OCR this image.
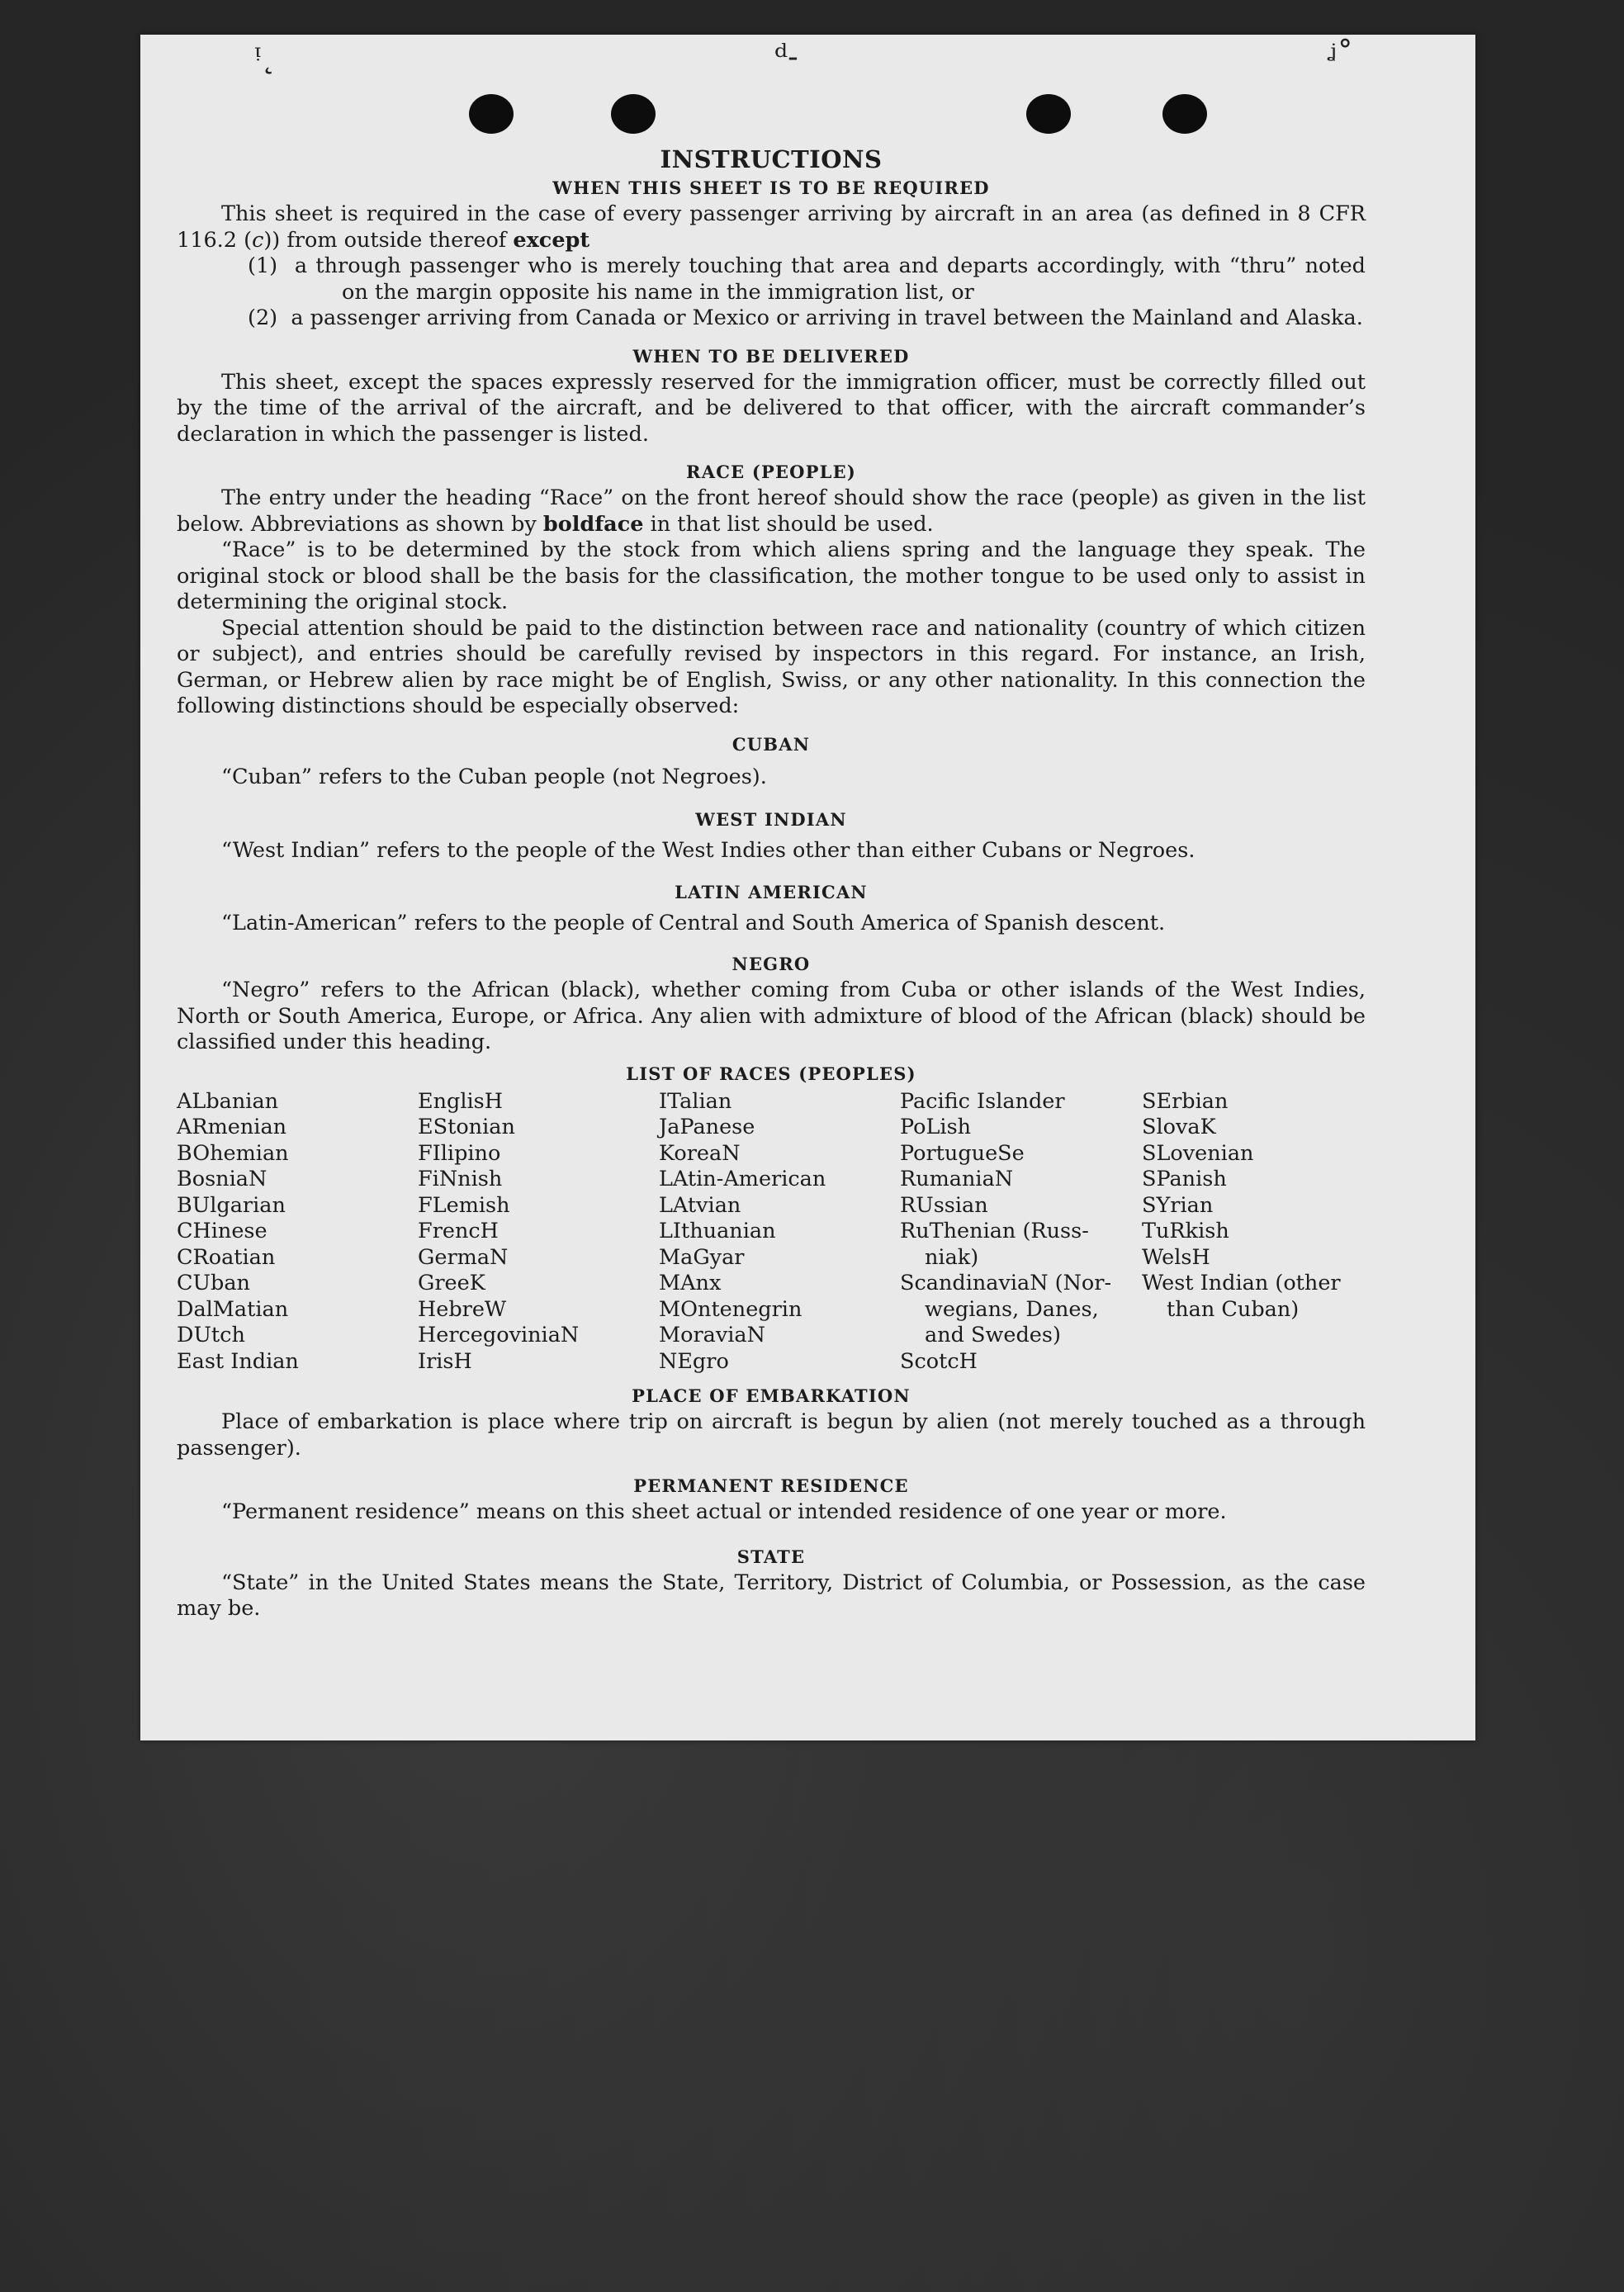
ᵎ˛	ᵈ˗	ᶨ˚
INSTRUCTIONS
WHEN THIS SHEET IS TO BE REQUIRED

This sheet is required in the case of every passenger arriving by aircraft in an area (as defined in 8 CFR 116.2 (c)) from outside thereof except

(1) a through passenger who is merely touching that area and departs accordingly, with “thru” noted on the margin opposite his name in the immigration list, or

(2) a passenger arriving from Canada or Mexico or arriving in travel between the Mainland and Alaska.

WHEN TO BE DELIVERED

This sheet, except the spaces expressly reserved for the immigration officer, must be correctly filled out by the time of the arrival of the aircraft, and be delivered to that officer, with the aircraft commander’s declaration in which the passenger is listed.

RACE (PEOPLE)

The entry under the heading “Race” on the front hereof should show the race (people) as given in the list below. Abbreviations as shown by boldface in that list should be used.

“Race” is to be determined by the stock from which aliens spring and the language they speak. The original stock or blood shall be the basis for the classification, the mother tongue to be used only to assist in determining the original stock.

Special attention should be paid to the distinction between race and nationality (country of which citizen or subject), and entries should be carefully revised by inspectors in this regard. For instance, an Irish, German, or Hebrew alien by race might be of English, Swiss, or any other nationality. In this connection the following distinctions should be especially observed:

CUBAN

“Cuban” refers to the Cuban people (not Negroes).

WEST INDIAN

“West Indian” refers to the people of the West Indies other than either Cubans or Negroes.

LATIN AMERICAN

“Latin-American” refers to the people of Central and South America of Spanish descent.

NEGRO

“Negro” refers to the African (black), whether coming from Cuba or other islands of the West Indies, North or South America, Europe, or Africa. Any alien with admixture of blood of the African (black) should be classified under this heading.

LIST OF RACES (PEOPLES)
ALbanian
ARmenian
BOhemian
BosniaN
BUlgarian
CHinese
CRoatian
CUban
DalMatian
DUtch
East Indian
EnglisH
EStonian
FIlipino
FiNnish
FLemish
FrencH
GermaN
GreeK
HebreW
HercegoviniaN
IrisH
ITalian
JaPanese
KoreaN
LAtin-American
LAtvian
LIthuanian
MaGyar
MAnx
MOntenegrin
MoraviaN
NEgro
Pacific Islander
PoLish
PortugueSe
RumaniaN
RUssian
RuThenian (Russ-
niak)
ScandinaviaN (Nor-
wegians, Danes,
and Swedes)
ScotcH
SErbian
SlovaK
SLovenian
SPanish
SYrian
TuRkish
WelsH
West Indian (other
than Cuban)
PLACE OF EMBARKATION

Place of embarkation is place where trip on aircraft is begun by alien (not merely touched as a through passenger).

PERMANENT RESIDENCE

“Permanent residence” means on this sheet actual or intended residence of one year or more.

STATE

“State” in the United States means the State, Territory, District of Columbia, or Possession, as the case may be.
